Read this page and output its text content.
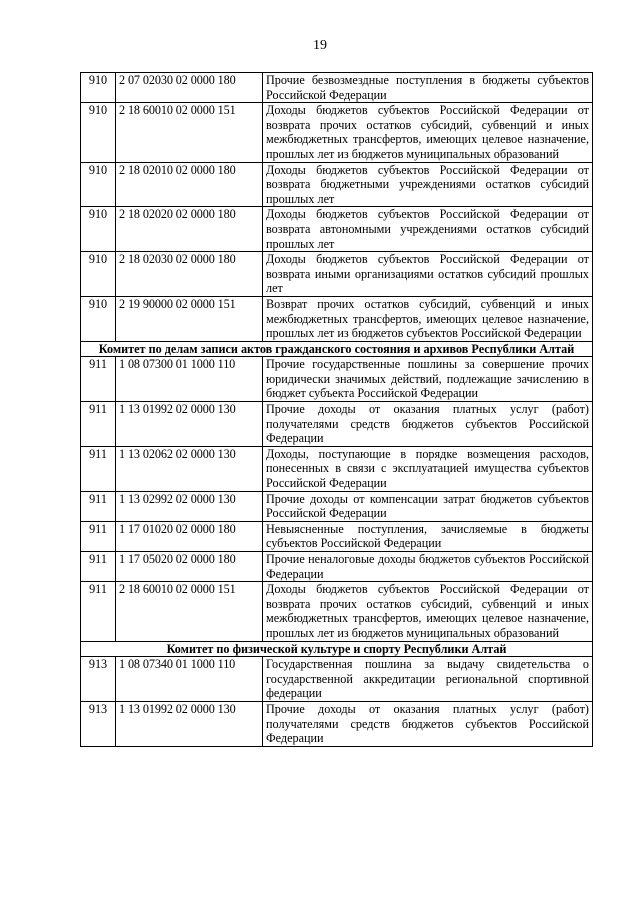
19
910	2 07 02030 02 0000 180	Прочие безвозмездные поступления в бюджеты субъектов Российской Федерации
910	2 18 60010 02 0000 151	Доходы бюджетов субъектов Российской Федерации от возврата прочих остатков субсидий, субвенций и иных межбюджетных трансфертов, имеющих целевое назначение, прошлых лет из бюджетов муниципальных образований
910	2 18 02010 02 0000 180	Доходы бюджетов субъектов Российской Федерации от возврата бюджетными учреждениями остатков субсидий прошлых лет
910	2 18 02020 02 0000 180	Доходы бюджетов субъектов Российской Федерации от возврата автономными учреждениями остатков субсидий прошлых лет
910	2 18 02030 02 0000 180	Доходы бюджетов субъектов Российской Федерации от возврата иными организациями остатков субсидий прошлых лет
910	2 19 90000 02 0000 151	Возврат прочих остатков субсидий, субвенций и иных межбюджетных трансфертов, имеющих целевое назначение, прошлых лет из бюджетов субъектов Российской Федерации
Комитет по делам записи актов гражданского состояния и архивов Республики Алтай		
911	1 08 07300 01 1000 110	Прочие государственные пошлины за совершение прочих юридически значимых действий, подлежащие зачислению в бюджет субъекта Российской Федерации
911	1 13 01992 02 0000 130	Прочие доходы от оказания платных услуг (работ) получателями средств бюджетов субъектов Российской Федерации
911	1 13 02062 02 0000 130	Доходы, поступающие в порядке возмещения расходов, понесенных в связи с эксплуатацией имущества субъектов Российской Федерации
911	1 13 02992 02 0000 130	Прочие доходы от компенсации затрат бюджетов субъектов Российской Федерации
911	1 17 01020 02 0000 180	Невыясненные поступления, зачисляемые в бюджеты субъектов Российской Федерации
911	1 17 05020 02 0000 180	Прочие неналоговые доходы бюджетов субъектов Российской Федерации
911	2 18 60010 02 0000 151	Доходы бюджетов субъектов Российской Федерации от возврата прочих остатков субсидий, субвенций и иных межбюджетных трансфертов, имеющих целевое назначение, прошлых лет из бюджетов муниципальных образований
Комитет по физической культуре и спорту Республики Алтай		
913	1 08 07340 01 1000 110	Государственная пошлина за выдачу свидетельства о государственной аккредитации региональной спортивной федерации
913	1 13 01992 02 0000 130	Прочие доходы от оказания платных услуг (работ) получателями средств бюджетов субъектов Российской Федерации
